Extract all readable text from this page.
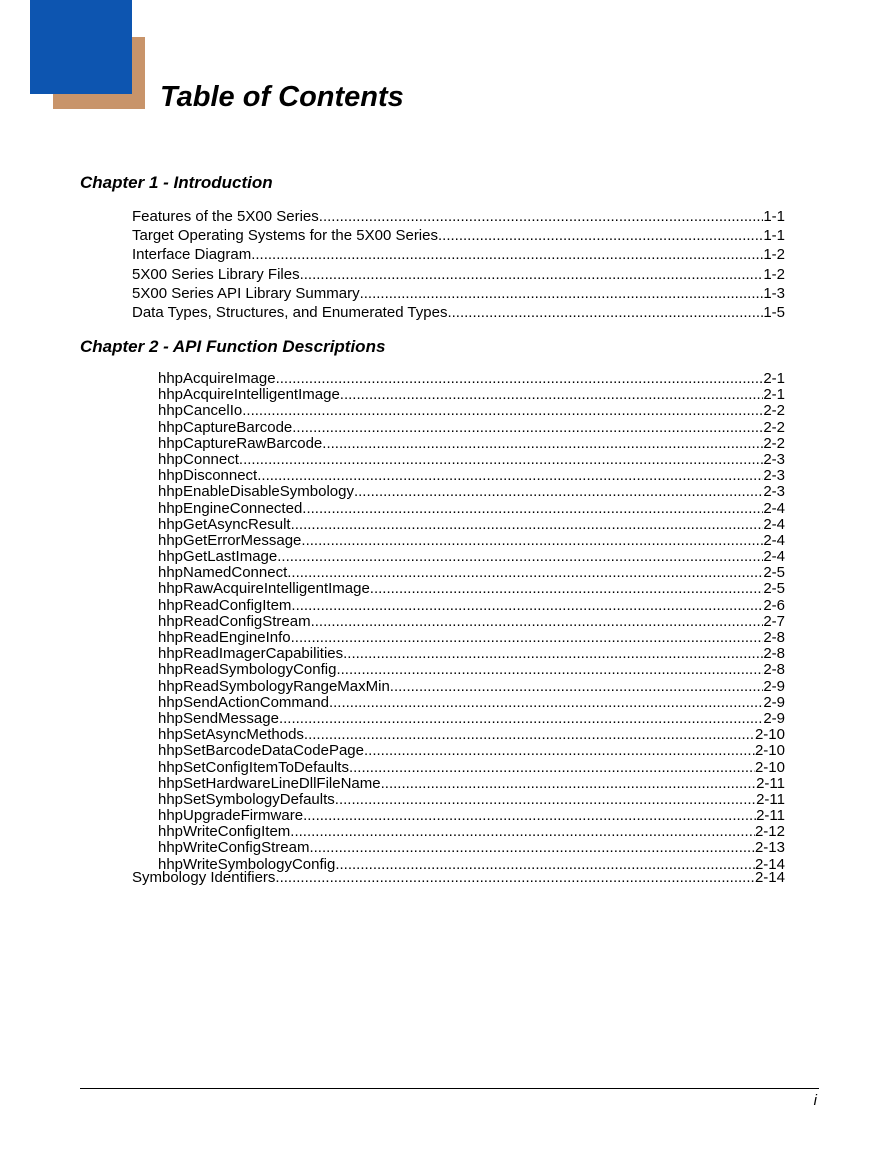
Table of Contents
Chapter 1 - Introduction
Features of the 5X00 Series .....	1-1
Target Operating Systems for the 5X00 Series .....	1-1
Interface Diagram .....	1-2
5X00 Series Library Files .....	1-2
5X00 Series API Library Summary .....	1-3
Data Types, Structures, and Enumerated Types .....	1-5
Chapter 2 - API Function Descriptions
hhpAcquireImage .....	2-1
hhpAcquireIntelligentImage .....	2-1
hhpCancelIo .....	2-2
hhpCaptureBarcode .....	2-2
hhpCaptureRawBarcode .....	2-2
hhpConnect .....	2-3
hhpDisconnect .....	2-3
hhpEnableDisableSymbology .....	2-3
hhpEngineConnected .....	2-4
hhpGetAsyncResult .....	2-4
hhpGetErrorMessage .....	2-4
hhpGetLastImage .....	2-4
hhpNamedConnect .....	2-5
hhpRawAcquireIntelligentImage .....	2-5
hhpReadConfigItem .....	2-6
hhpReadConfigStream .....	2-7
hhpReadEngineInfo .....	2-8
hhpReadImagerCapabilities .....	2-8
hhpReadSymbologyConfig .....	2-8
hhpReadSymbologyRangeMaxMin .....	2-9
hhpSendActionCommand .....	2-9
hhpSendMessage .....	2-9
hhpSetAsyncMethods .....	2-10
hhpSetBarcodeDataCodePage .....	2-10
hhpSetConfigItemToDefaults .....	2-10
hhpSetHardwareLineDllFileName .....	2-11
hhpSetSymbologyDefaults .....	2-11
hhpUpgradeFirmware .....	2-11
hhpWriteConfigItem .....	2-12
hhpWriteConfigStream .....	2-13
hhpWriteSymbologyConfig .....	2-14
Symbology Identifiers .....	2-14
i
